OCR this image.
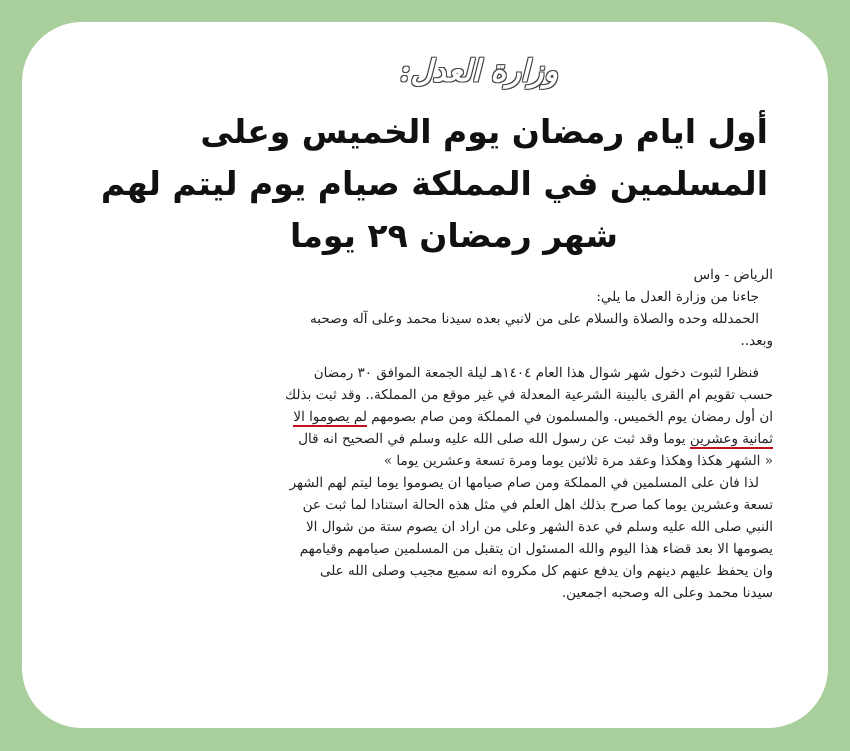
وزارة العدل:
أول ايام رمضان يوم الخميس وعلى
المسلمين في المملكة صيام يوم ليتم لهم
شهر رمضان ٢٩ يوما
الرياض - واس
جاءنا من وزارة العدل ما يلي:
الحمدلله وحده والصلاة والسلام على من لانبي بعده سيدنا محمد وعلى آله وصحبه
وبعد..
فنظرا لثبوت دخول شهر شوال هذا العام ١٤٠٤هـ ليلة الجمعة الموافق ٣٠ رمضان
حسب تقويم ام القرى بالبينة الشرعية المعدلة في غير موقع من المملكة.. وقد ثبت بذلك
ان أول رمضان يوم الخميس. والمسلمون في المملكة ومن صام بصومهم لم يصوموا الا
ثمانية وعشرين يوما وقد ثبت عن رسول الله صلى الله عليه وسلم في الصحيح انه قال
« الشهر هكذا وهكذا وعقد مرة ثلاثين يوما ومرة تسعة وعشرين يوما »
لذا فان على المسلمين في المملكة ومن صام صيامها ان يصوموا يوما ليتم لهم الشهر
تسعة وعشرين يوما كما صرح بذلك اهل العلم في مثل هذه الحالة استنادا لما ثبت عن
النبي صلى الله عليه وسلم في عدة الشهر وعلى من اراد ان يصوم ستة من شوال الا
يصومها الا بعد قضاء هذا اليوم والله المسئول ان يتقبل من المسلمين صيامهم وقيامهم
وان يحفظ عليهم دينهم وان يدفع عنهم كل مكروه انه سميع مجيب وصلى الله على
سيدنا محمد وعلى اله وصحبه اجمعين.
